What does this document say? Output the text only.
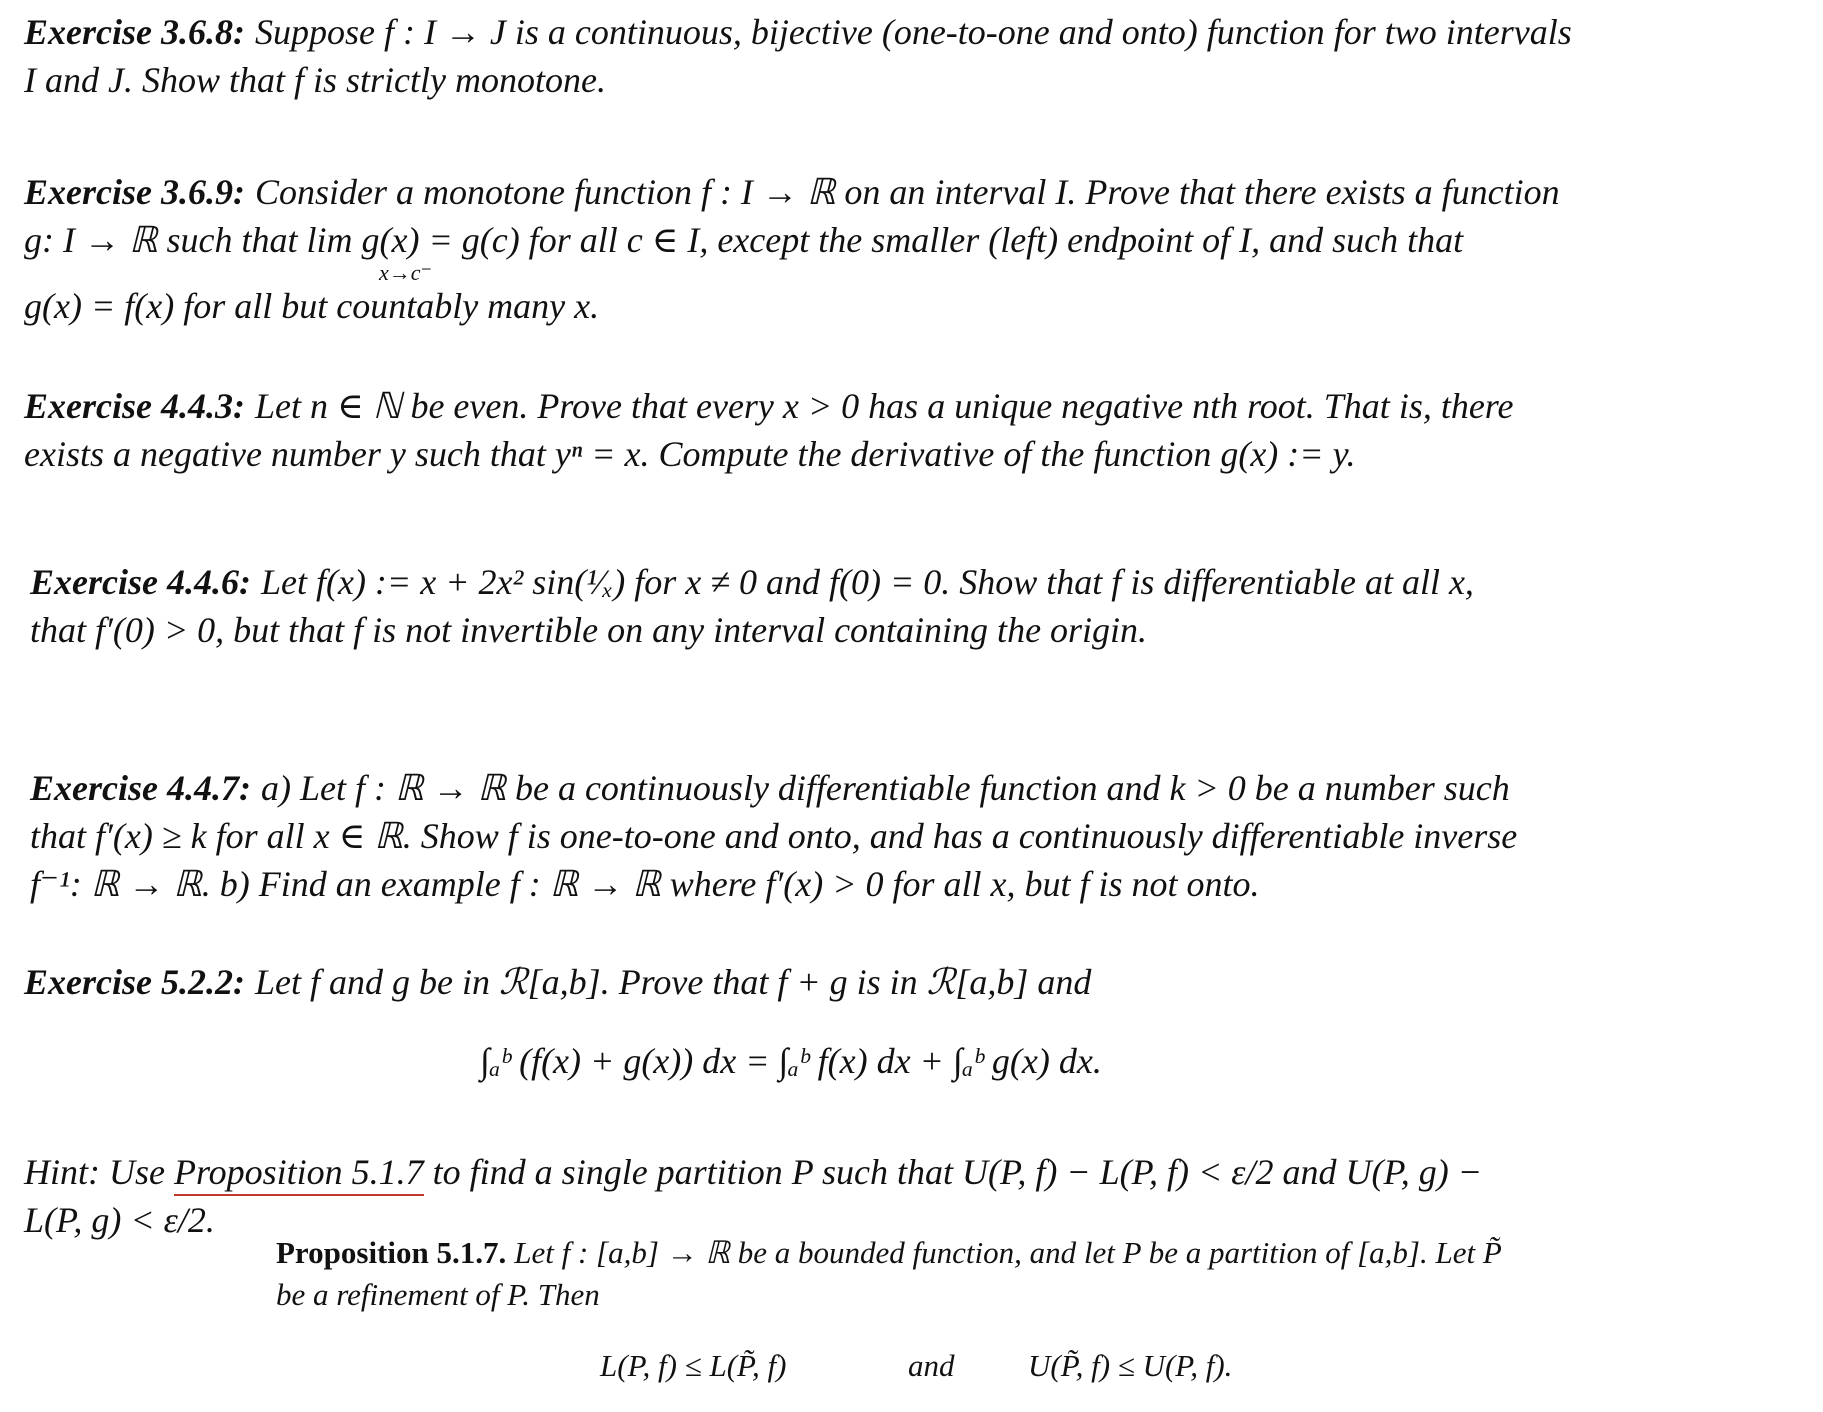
Exercise 3.6.8: Suppose f : I → J is a continuous, bijective (one-to-one and onto) function for two intervals
I and J. Show that f is strictly monotone.
Exercise 3.6.9: Consider a monotone function f : I → ℝ on an interval I. Prove that there exists a function
g: I → ℝ such that lim g(x) = g(c) for all c ∈ I, except the smaller (left) endpoint of I, and such that
x→c⁻
g(x) = f(x) for all but countably many x.
Exercise 4.4.3: Let n ∈ ℕ be even. Prove that every x > 0 has a unique negative nth root. That is, there
exists a negative number y such that yⁿ = x. Compute the derivative of the function g(x) := y.
Exercise 4.4.6: Let f(x) := x + 2x² sin(¹⁄ₓ) for x ≠ 0 and f(0) = 0. Show that f is differentiable at all x,
that f′(0) > 0, but that f is not invertible on any interval containing the origin.
Exercise 4.4.7: a) Let f : ℝ → ℝ be a continuously differentiable function and k > 0 be a number such
that f′(x) ≥ k for all x ∈ ℝ. Show f is one-to-one and onto, and has a continuously differentiable inverse
f⁻¹: ℝ → ℝ. b) Find an example f : ℝ → ℝ where f′(x) > 0 for all x, but f is not onto.
Exercise 5.2.2: Let f and g be in ℛ[a,b]. Prove that f + g is in ℛ[a,b] and
∫ₐᵇ (f(x) + g(x)) dx = ∫ₐᵇ f(x) dx + ∫ₐᵇ g(x) dx.
Hint: Use Proposition 5.1.7 to find a single partition P such that U(P, f) − L(P, f) < ε/2 and U(P, g) −
L(P, g) < ε/2.
Proposition 5.1.7. Let f : [a,b] → ℝ be a bounded function, and let P be a partition of [a,b]. Let P̃
be a refinement of P. Then
L(P, f) ≤ L(P̃, f)	and U(P̃, f) ≤ U(P, f).
